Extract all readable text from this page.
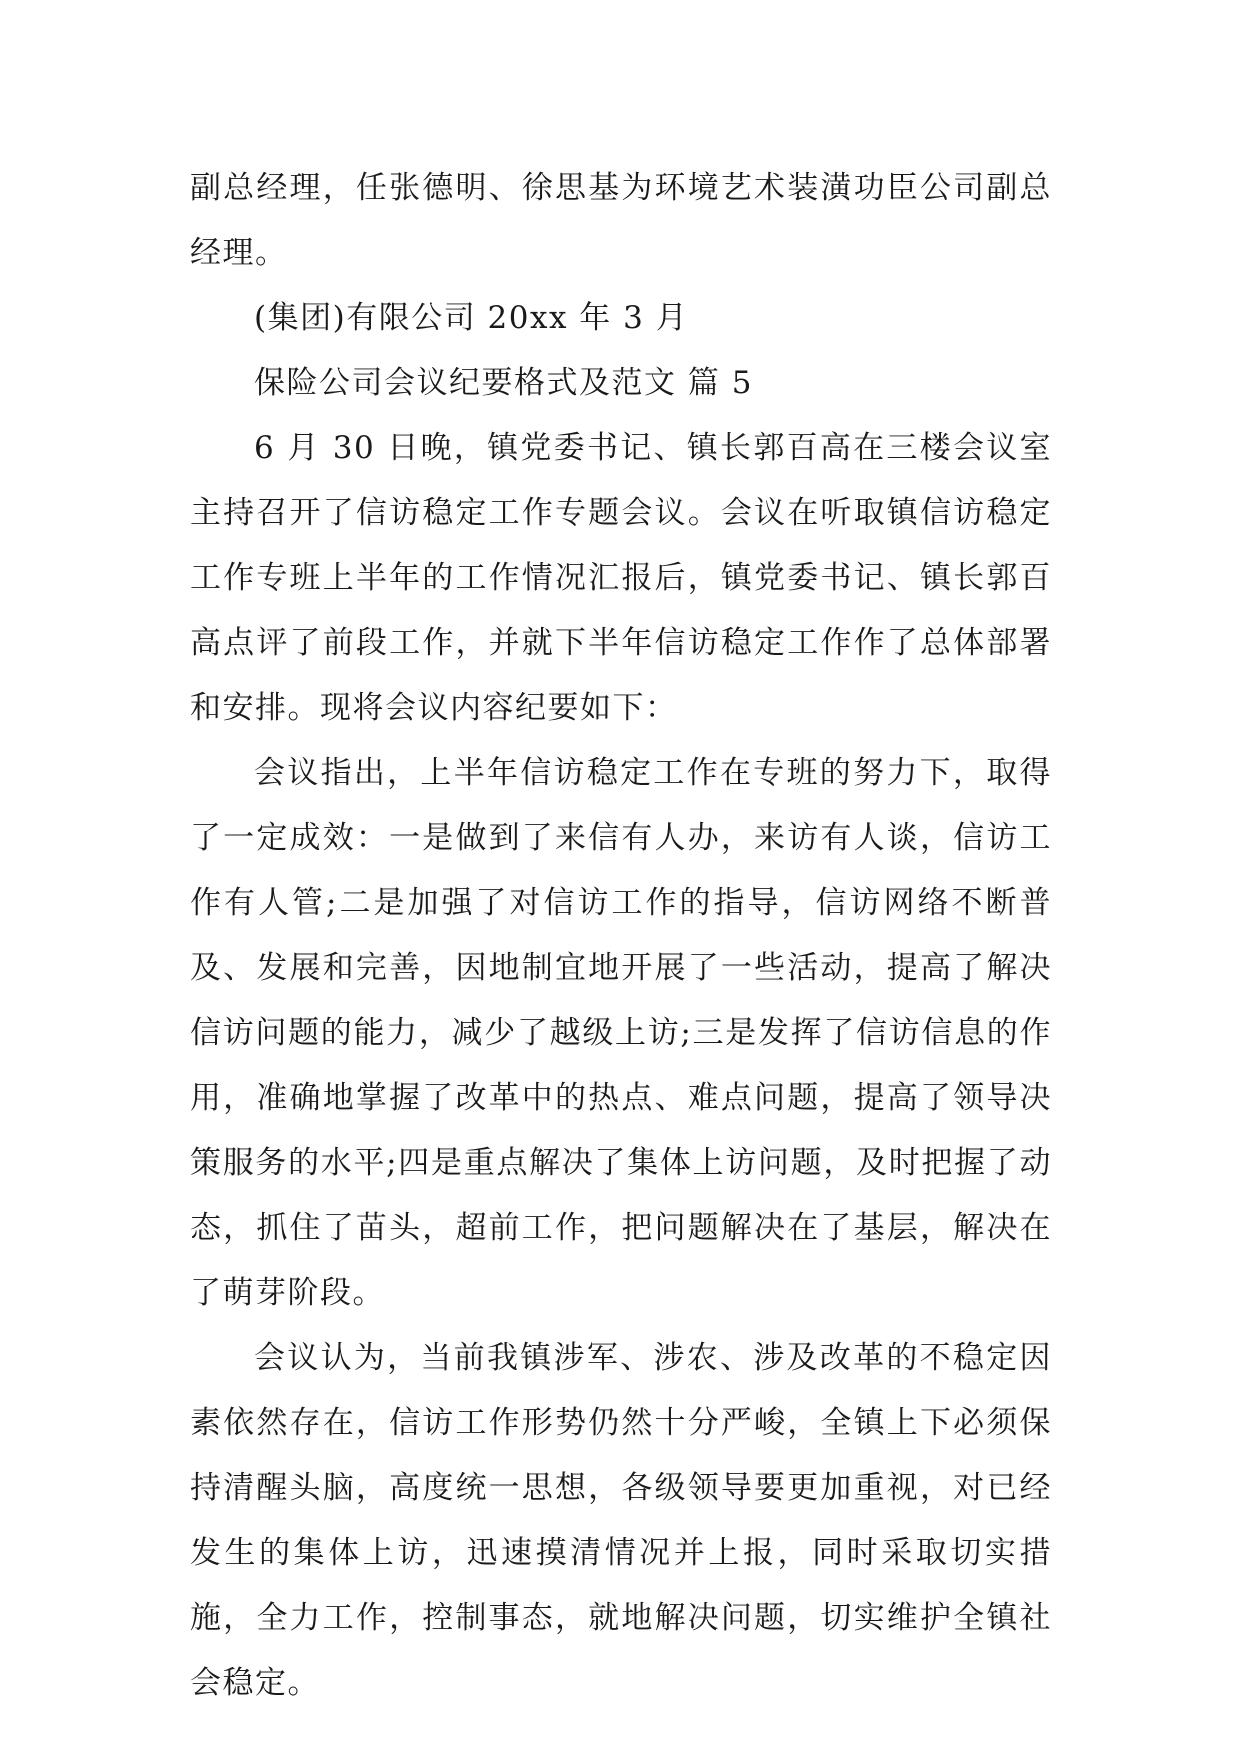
副总经理，任张德明、徐思基为环境艺术装潢功臣公司副总经理。

(集团)有限公司 20xx 年 3 月

保险公司会议纪要格式及范文 篇 5

6 月 30 日晚，镇党委书记、镇长郭百高在三楼会议室主持召开了信访稳定工作专题会议。会议在听取镇信访稳定工作专班上半年的工作情况汇报后，镇党委书记、镇长郭百高点评了前段工作，并就下半年信访稳定工作作了总体部署和安排。现将会议内容纪要如下：

会议指出，上半年信访稳定工作在专班的努力下，取得了一定成效：一是做到了来信有人办，来访有人谈，信访工作有人管;二是加强了对信访工作的指导，信访网络不断普及、发展和完善，因地制宜地开展了一些活动，提高了解决信访问题的能力，减少了越级上访;三是发挥了信访信息的作用，准确地掌握了改革中的热点、难点问题，提高了领导决策服务的水平;四是重点解决了集体上访问题，及时把握了动态，抓住了苗头，超前工作，把问题解决在了基层，解决在了萌芽阶段。

会议认为，当前我镇涉军、涉农、涉及改革的不稳定因素依然存在，信访工作形势仍然十分严峻，全镇上下必须保持清醒头脑，高度统一思想，各级领导要更加重视，对已经发生的集体上访，迅速摸清情况并上报，同时采取切实措施，全力工作，控制事态，就地解决问题，切实维护全镇社会稳定。
